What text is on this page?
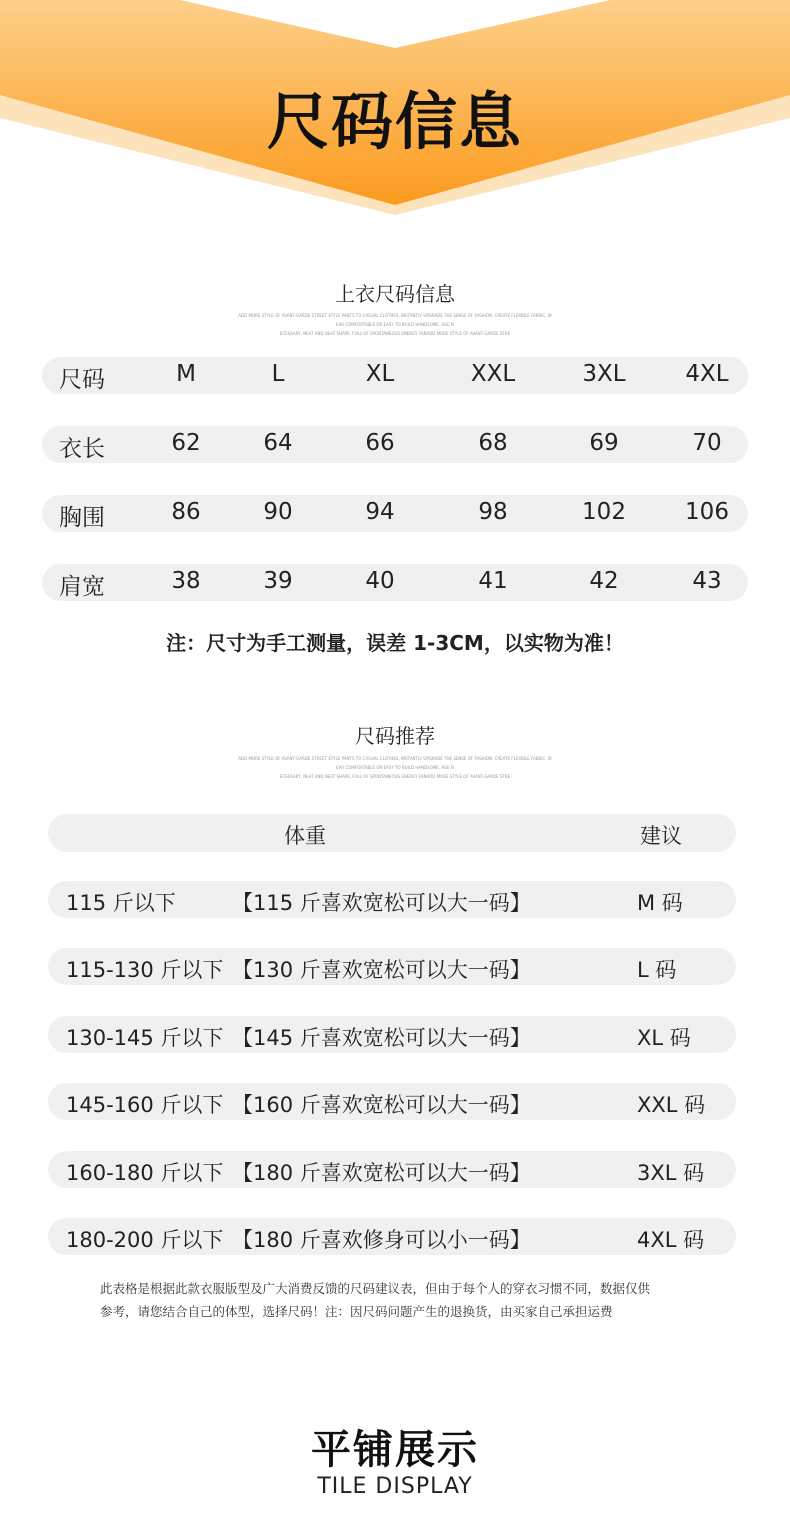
尺码信息
上衣尺码信息
ADD MORE STYLE OF AVANT-GARDE STREET STYLE PANTS TO CASUAL CLOTHES, INSTANTLY UPGRADE THE SENSE OF FASHION, CREATE FLEXIBLE FABRIC, W
EAR COMFORTABLE OR EASY TO BUILD HANDSOME, AGE N
ECESSARY, NEAT AND NEAT SHAPE, FULL OF SPONTANEOUS ENERGY FANADD MORE STYLE OF AVANT-GARDE STRE
尺码	M	L	XL	XXL	3XL	4XL
衣长	62	64	66	68	69	70
胸围	86	90	94	98	102	106
肩宽	38	39	40	41	42	43
注：尺寸为手工测量，误差 1-3CM，以实物为准！
尺码推荐
ADD MORE STYLE OF AVANT-GARDE STREET STYLE PANTS TO CASUAL CLOTHES, INSTANTLY UPGRADE THE SENSE OF FASHION, CREATE FLEXIBLE FABRIC, W
EAR COMFORTABLE OR EASY TO BUILD HANDSOME, AGE N
ECESSARY, NEAT AND NEAT SHAPE, FULL OF SPONTANEOUS ENERGY FANADD MORE STYLE OF AVANT-GARDE STRE
体重	建议
115 斤以下	【115 斤喜欢宽松可以大一码】	M 码
115-130 斤以下 【130 斤喜欢宽松可以大一码】	L 码
130-145 斤以下 【145 斤喜欢宽松可以大一码】	XL 码
145-160 斤以下 【160 斤喜欢宽松可以大一码】	XXL 码
160-180 斤以下 【180 斤喜欢宽松可以大一码】	3XL 码
180-200 斤以下 【180 斤喜欢修身可以小一码】	4XL 码
此表格是根据此款衣服版型及广大消费反馈的尺码建议表，但由于每个人的穿衣习惯不同，数据仅供
参考，请您结合自己的体型，选择尺码！注：因尺码问题产生的退换货，由买家自己承担运费
平铺展示
TILE DISPLAY
